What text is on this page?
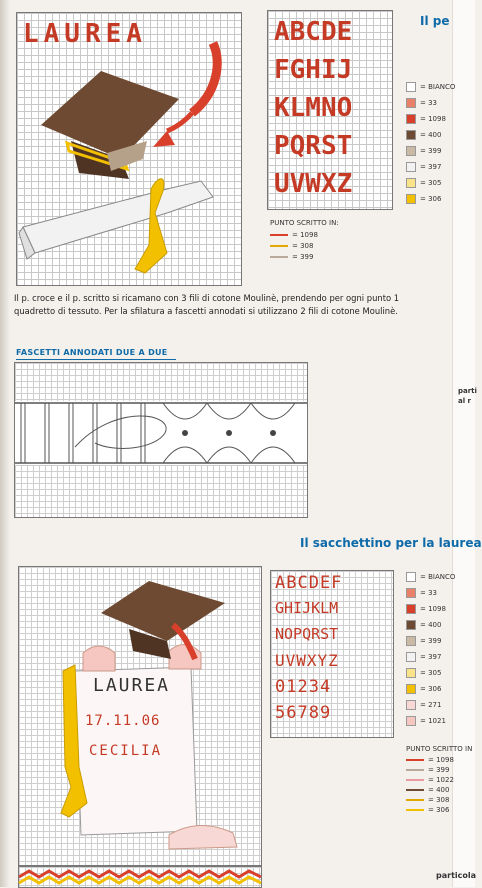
Il pe
LAUREA	ABCDE
FGHIJ
KLMNO
PQRST
UVWXZ
= BIANCO
= 33
= 1098
= 400
= 399
= 397
= 305
= 306
PUNTO SCRITTO IN:
= 1098
= 308
= 399
Il p. croce e il p. scritto si ricamano con 3 fili di cotone Moulinè, prendendo per ogni punto 1 quadretto di tessuto. Per la sfilatura a fascetti annodati si utilizzano 2 fili di cotone Moulinè.
FASCETTI ANNODATI DUE A DUE
parti
al r
Il sacchettino per la laurea
LAUREA
17.11.06
CECILIA
ABCDEF
GHIJKLM
NOPQRST
UVWXYZ
01234
56789
= BIANCO
= 33
= 1098
= 400
= 399
= 397
= 305
= 306
= 271
= 1021
PUNTO SCRITTO IN
= 1098
= 399
= 1022
= 400
= 308
= 306
particola
